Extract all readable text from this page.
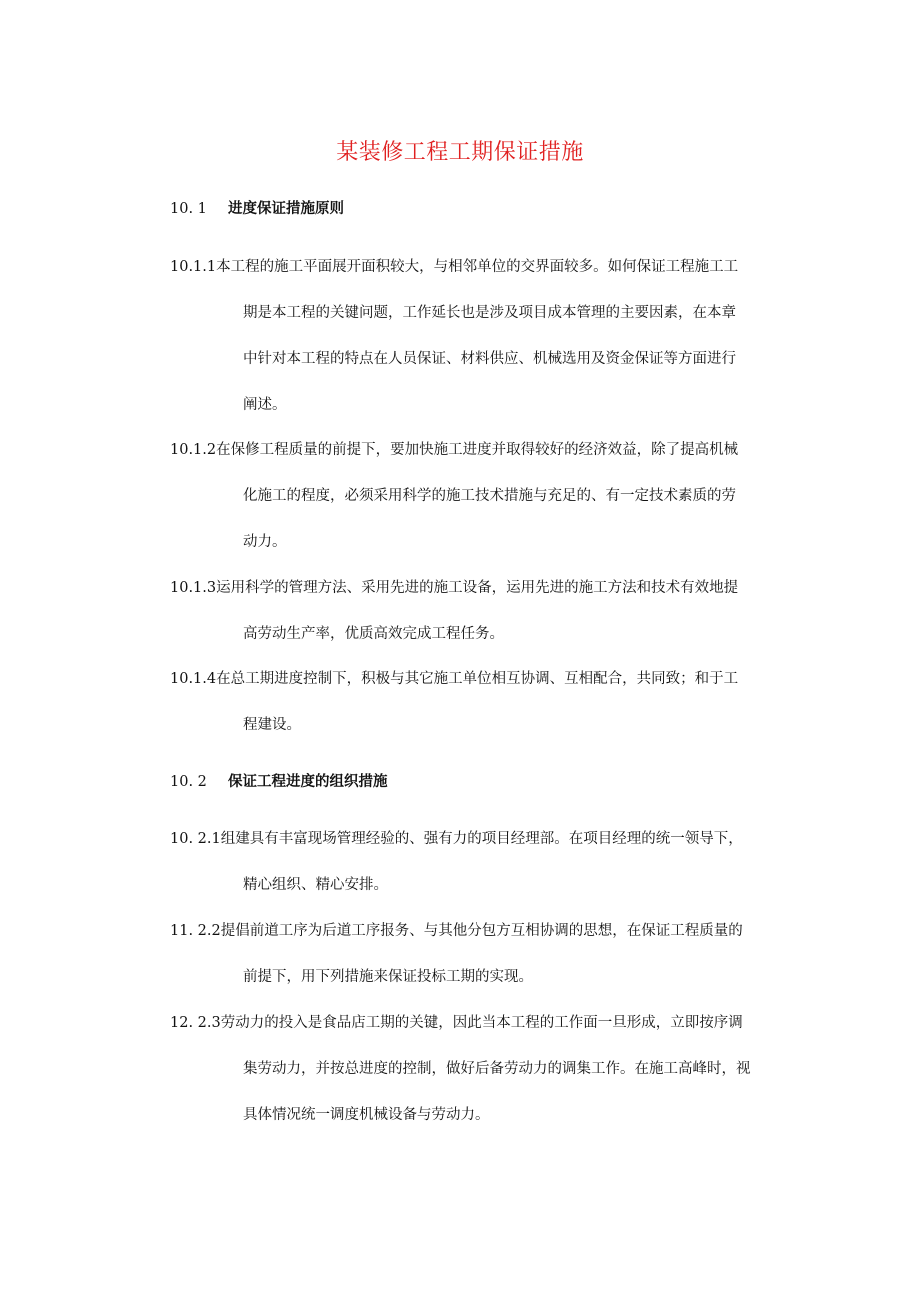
某装修工程工期保证措施
10. 1 进度保证措施原则
10.1.1本工程的施工平面展开面积较大，与相邻单位的交界面较多。如何保证工程施工工
期是本工程的关键问题，工作延长也是涉及项目成本管理的主要因素，在本章
中针对本工程的特点在人员保证、材料供应、机械选用及资金保证等方面进行
阐述。
10.1.2在保修工程质量的前提下，要加快施工进度并取得较好的经济效益，除了提高机械
化施工的程度，必须采用科学的施工技术措施与充足的、有一定技术素质的劳
动力。
10.1.3运用科学的管理方法、采用先进的施工设备，运用先进的施工方法和技术有效地提
高劳动生产率，优质高效完成工程任务。
10.1.4在总工期进度控制下，积极与其它施工单位相互协调、互相配合，共同致；和于工
程建设。
10. 2 保证工程进度的组织措施
10. 2.1组建具有丰富现场管理经验的、强有力的项目经理部。在项目经理的统一领导下，
精心组织、精心安排。
11. 2.2提倡前道工序为后道工序报务、与其他分包方互相协调的思想，在保证工程质量的
前提下，用下列措施来保证投标工期的实现。
12. 2.3劳动力的投入是食品店工期的关键，因此当本工程的工作面一旦形成，立即按序调
集劳动力，并按总进度的控制，做好后备劳动力的调集工作。在施工高峰时，视
具体情况统一调度机械设备与劳动力。
